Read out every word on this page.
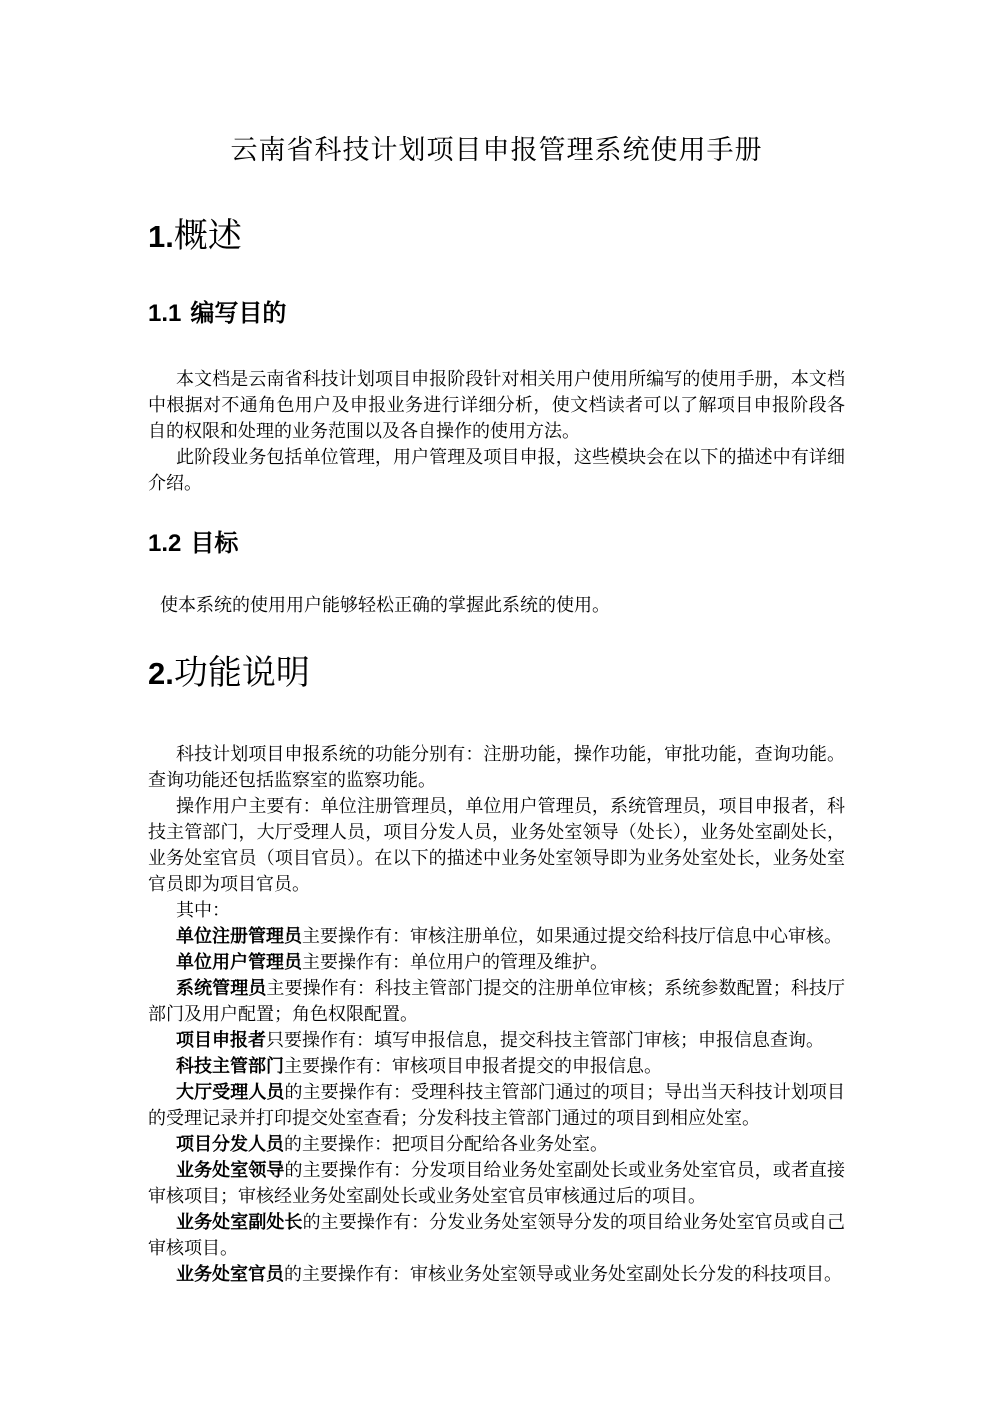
云南省科技计划项目申报管理系统使用手册
1.概述
1.1 编写目的

本文档是云南省科技计划项目申报阶段针对相关用户使用所编写的使用手册，本文档中根据对不通角色用户及申报业务进行详细分析，使文档读者可以了解项目申报阶段各自的权限和处理的业务范围以及各自操作的使用方法。

此阶段业务包括单位管理，用户管理及项目申报，这些模块会在以下的描述中有详细介绍。

1.2 目标

使本系统的使用用户能够轻松正确的掌握此系统的使用。

2.功能说明

科技计划项目申报系统的功能分别有：注册功能，操作功能，审批功能，查询功能。查询功能还包括监察室的监察功能。

操作用户主要有：单位注册管理员，单位用户管理员，系统管理员，项目申报者，科技主管部门，大厅受理人员，项目分发人员，业务处室领导（处长），业务处室副处长，业务处室官员（项目官员）。在以下的描述中业务处室领导即为业务处室处长，业务处室官员即为项目官员。

其中：

单位注册管理员主要操作有：审核注册单位，如果通过提交给科技厅信息中心审核。

单位用户管理员主要操作有：单位用户的管理及维护。

系统管理员主要操作有：科技主管部门提交的注册单位审核；系统参数配置；科技厅部门及用户配置；角色权限配置。

项目申报者只要操作有：填写申报信息，提交科技主管部门审核；申报信息查询。

科技主管部门主要操作有：审核项目申报者提交的申报信息。

大厅受理人员的主要操作有：受理科技主管部门通过的项目；导出当天科技计划项目的受理记录并打印提交处室查看；分发科技主管部门通过的项目到相应处室。

项目分发人员的主要操作：把项目分配给各业务处室。

业务处室领导的主要操作有：分发项目给业务处室副处长或业务处室官员，或者直接审核项目；审核经业务处室副处长或业务处室官员审核通过后的项目。

业务处室副处长的主要操作有：分发业务处室领导分发的项目给业务处室官员或自己审核项目。

业务处室官员的主要操作有：审核业务处室领导或业务处室副处长分发的科技项目。
